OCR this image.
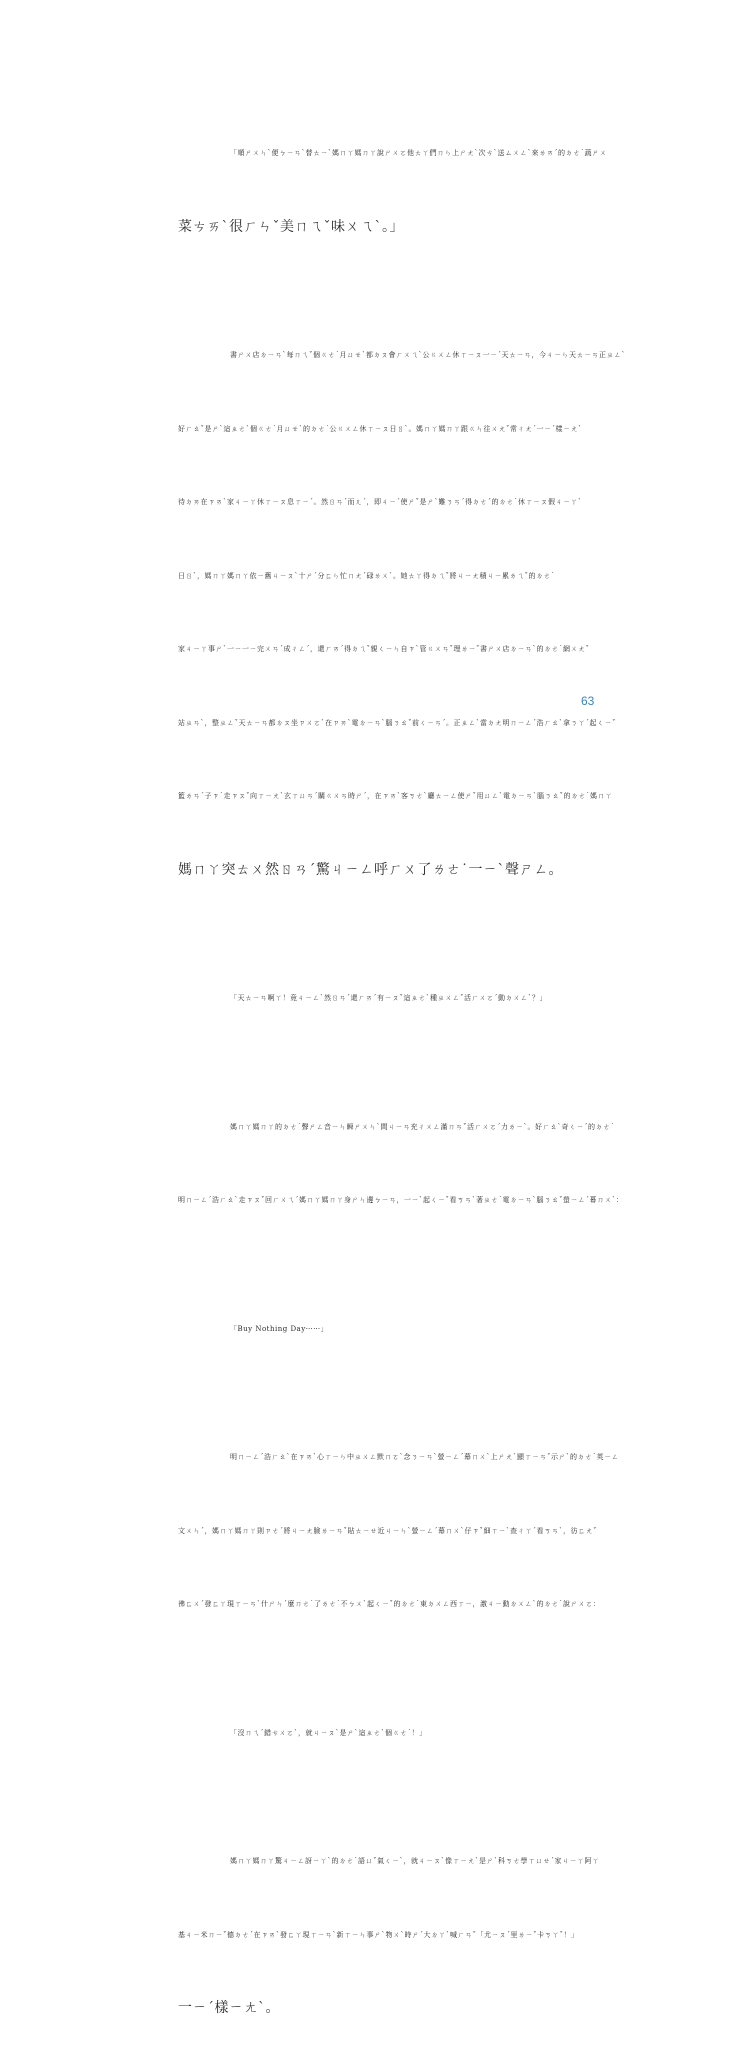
「順ㄕㄨㄣˋ便ㄅㄧㄢˋ替ㄊㄧˋ媽ㄇㄚ媽ㄇㄚ說ㄕㄨㄛ他ㄊㄚ們ㄇㄣ上ㄕㄤˋ次ㄘˋ送ㄙㄨㄥˋ來ㄌㄞˊ的ㄉㄜ˙蔬ㄕㄨ

菜ㄘㄞˋ很ㄏㄣˇ美ㄇㄟˇ味ㄨㄟˋ。」

書ㄕㄨ店ㄉㄧㄢˋ每ㄇㄟˇ個ㄍㄜ˙月ㄩㄝˋ都ㄉㄡ會ㄏㄨㄟˋ公ㄍㄨㄥ休ㄒㄧㄡ一ㄧˊ天ㄊㄧㄢ，今ㄐㄧㄣ天ㄊㄧㄢ正ㄓㄥˋ

好ㄏㄠˇ是ㄕˋ這ㄓㄜˋ個ㄍㄜ˙月ㄩㄝˋ的ㄉㄜ˙公ㄍㄨㄥ休ㄒㄧㄡ日ㄖˋ。媽ㄇㄚ媽ㄇㄚ跟ㄍㄣ往ㄨㄤˇ常ㄔㄤˊ一ㄧˊ樣ㄧㄤˋ

待ㄉㄞ在ㄗㄞˋ家ㄐㄧㄚ休ㄒㄧㄡ息ㄒㄧˊ。然ㄖㄢˊ而ㄦˊ，即ㄐㄧˊ使ㄕˇ是ㄕˋ難ㄋㄢˊ得ㄉㄜˊ的ㄉㄜ˙休ㄒㄧㄡ假ㄐㄧㄚˋ

日ㄖˋ，媽ㄇㄚ媽ㄇㄚ依ㄧ舊ㄐㄧㄡˋ十ㄕˊ分ㄈㄣ忙ㄇㄤˊ碌ㄌㄨˋ。她ㄊㄚ得ㄉㄟˇ將ㄐㄧㄤ積ㄐㄧ累ㄌㄟˇ的ㄉㄜ˙

家ㄐㄧㄚ事ㄕˋ一ㄧ一ㄧ完ㄨㄢˊ成ㄔㄥˊ，還ㄏㄞˊ得ㄉㄟˇ親ㄑㄧㄣ自ㄗˋ管ㄍㄨㄢˇ理ㄌㄧˇ書ㄕㄨ店ㄉㄧㄢˋ的ㄉㄜ˙網ㄨㄤˇ

站ㄓㄢˋ，整ㄓㄥˇ天ㄊㄧㄢ都ㄉㄡ坐ㄗㄨㄛˋ在ㄗㄞˋ電ㄉㄧㄢˋ腦ㄋㄠˇ前ㄑㄧㄢˊ。正ㄓㄥˋ當ㄉㄤ明ㄇㄧㄥˊ浩ㄏㄠˋ拿ㄋㄚˊ起ㄑㄧˇ

籃ㄌㄢˊ子ㄗ˙走ㄗㄡˇ向ㄒㄧㄤˋ玄ㄒㄩㄢˊ關ㄍㄨㄢ時ㄕˊ，在ㄗㄞˋ客ㄎㄜˋ廳ㄊㄧㄥ使ㄕˇ用ㄩㄥˋ電ㄉㄧㄢˋ腦ㄋㄠˇ的ㄉㄜ˙媽ㄇㄚ

媽ㄇㄚ突ㄊㄨ然ㄖㄢˊ驚ㄐㄧㄥ呼ㄏㄨ了ㄌㄜ˙一ㄧˋ聲ㄕㄥ。

「天ㄊㄧㄢ啊ㄚ！竟ㄐㄧㄥˋ然ㄖㄢˊ還ㄏㄞˊ有ㄧㄡˇ這ㄓㄜˋ種ㄓㄨㄥˇ活ㄏㄨㄛˊ動ㄉㄨㄥˋ？」

媽ㄇㄚ媽ㄇㄚ的ㄉㄜ˙聲ㄕㄥ音ㄧㄣ瞬ㄕㄨㄣˋ間ㄐㄧㄢ充ㄔㄨㄥ滿ㄇㄢˇ活ㄏㄨㄛˊ力ㄌㄧˋ。好ㄏㄠˋ奇ㄑㄧˊ的ㄉㄜ˙

明ㄇㄧㄥˊ浩ㄏㄠˋ走ㄗㄡˇ回ㄏㄨㄟˊ媽ㄇㄚ媽ㄇㄚ身ㄕㄣ邊ㄅㄧㄢ，一ㄧˋ起ㄑㄧˇ看ㄎㄢˋ著ㄓㄜ˙電ㄉㄧㄢˋ腦ㄋㄠˇ螢ㄧㄥˊ幕ㄇㄨˋ：

「Buy Nothing Day⋯⋯」

明ㄇㄧㄥˊ浩ㄏㄠˋ在ㄗㄞˋ心ㄒㄧㄣ中ㄓㄨㄥ默ㄇㄛˋ念ㄋㄧㄢˋ螢ㄧㄥˊ幕ㄇㄨˋ上ㄕㄤˋ顯ㄒㄧㄢˇ示ㄕˋ的ㄉㄜ˙英ㄧㄥ

文ㄨㄣˊ，媽ㄇㄚ媽ㄇㄚ則ㄗㄜˊ將ㄐㄧㄤ臉ㄌㄧㄢˇ貼ㄊㄧㄝ近ㄐㄧㄣˋ螢ㄧㄥˊ幕ㄇㄨˋ仔ㄗˇ細ㄒㄧˋ查ㄔㄚˊ看ㄎㄢˋ，彷ㄈㄤˇ

彿ㄈㄨˊ發ㄈㄚ現ㄒㄧㄢˋ什ㄕㄣˊ麼ㄇㄜ˙了ㄌㄜ˙不ㄅㄨˋ起ㄑㄧˇ的ㄉㄜ˙東ㄉㄨㄥ西ㄒㄧ，激ㄐㄧ動ㄉㄨㄥˋ的ㄉㄜ˙說ㄕㄨㄛ：

「沒ㄇㄟˊ錯ㄘㄨㄛˋ，就ㄐㄧㄡˋ是ㄕˋ這ㄓㄜˋ個ㄍㄜ˙！」

媽ㄇㄚ媽ㄇㄚ驚ㄐㄧㄥ訝ㄧㄚˋ的ㄉㄜ˙語ㄩˇ氣ㄑㄧˋ，就ㄐㄧㄡˋ像ㄒㄧㄤˋ是ㄕˋ科ㄎㄜ學ㄒㄩㄝˊ家ㄐㄧㄚ阿ㄚ

基ㄐㄧ米ㄇㄧˇ德ㄉㄜˊ在ㄗㄞˋ發ㄈㄚ現ㄒㄧㄢˋ新ㄒㄧㄣ事ㄕˋ物ㄨˋ時ㄕˊ大ㄉㄚˋ喊ㄏㄢˇ「尤ㄧㄡˊ里ㄌㄧˇ卡ㄎㄚˇ！」

一ㄧˊ樣ㄧㄤˋ。

63
